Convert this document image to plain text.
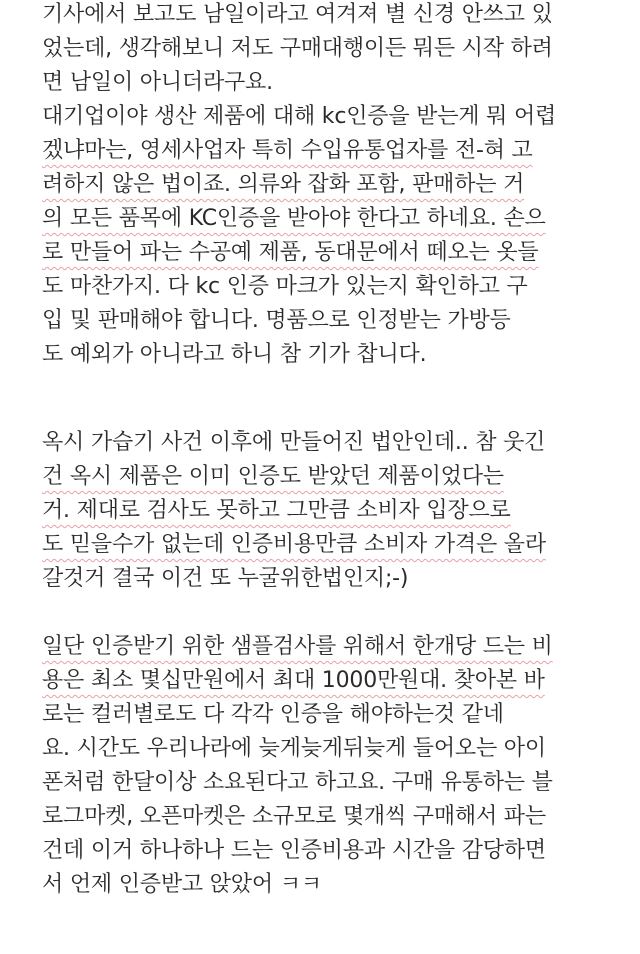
기사에서 보고도 남일이라고 여겨져 별 신경 안쓰고 있
었는데, 생각해보니 저도 구매대행이든 뭐든 시작 하려
면 남일이 아니더라구요.
대기업이야 생산 제품에 대해 kc인증을 받는게 뭐 어렵
겠냐마는, 영세사업자 특히 수입유통업자를 전-혀 고
려하지 않은 법이죠. 의류와 잡화 포함, 판매하는 거
의 모든 품목에 KC인증을 받아야 한다고 하네요. 손으
로 만들어 파는 수공예 제품, 동대문에서 떼오는 옷들
도 마찬가지. 다 kc 인증 마크가 있는지 확인하고 구
입 및 판매해야 합니다. 명품으로 인정받는 가방등
도 예외가 아니라고 하니 참 기가 찹니다.
옥시 가습기 사건 이후에 만들어진 법안인데.. 참 웃긴
건 옥시 제품은 이미 인증도 받았던 제품이었다는
거. 제대로 검사도 못하고 그만큼 소비자 입장으로
도 믿을수가 없는데 인증비용만큼 소비자 가격은 올라
갈것거 결국 이건 또 누굴위한법인지;-)
일단 인증받기 위한 샘플검사를 위해서 한개당 드는 비
용은 최소 몇십만원에서 최대 1000만원대. 찾아본 바
로는 컬러별로도 다 각각 인증을 해야하는것 같네
요. 시간도 우리나라에 늦게늦게뒤늦게 들어오는 아이
폰처럼 한달이상 소요된다고 하고요. 구매 유통하는 블
로그마켓, 오픈마켓은 소규모로 몇개씩 구매해서 파는
건데 이거 하나하나 드는 인증비용과 시간을 감당하면
서 언제 인증받고 앉았어 ㅋㅋ
